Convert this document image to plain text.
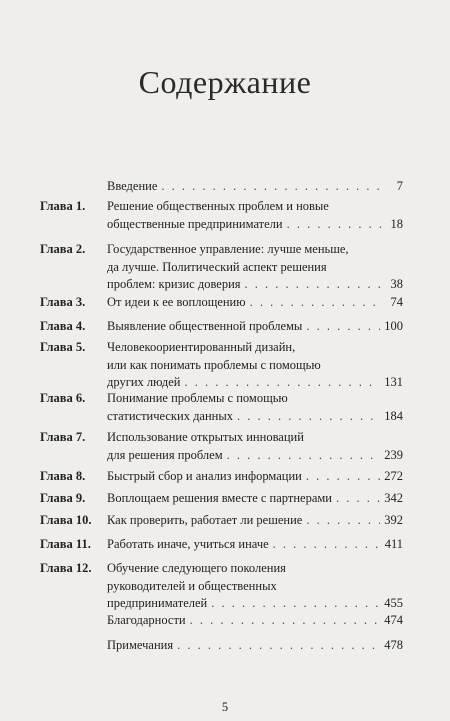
Содержание
Введение . . .	7
Глава 1. Решение общественных проблем и новые
общественные предприниматели . . .	18
Глава 2. Государственное управление: лучше меньше,
да лучше. Политический аспект решения
проблем: кризис доверия . . .	38
Глава 3. От идеи к ее воплощению . . .	74
Глава 4. Выявление общественной проблемы . . .	100
Глава 5. Человекоориентированный дизайн,
или как понимать проблемы с помощью
других людей . . .	131
Глава 6. Понимание проблемы с помощью
статистических данных . . .	184
Глава 7. Использование открытых инноваций
для решения проблем . . .	239
Глава 8. Быстрый сбор и анализ информации . . .	272
Глава 9. Воплощаем решения вместе с партнерами . . .	342
Глава 10. Как проверить, работает ли решение . . .	392
Глава 11. Работать иначе, учиться иначе . . .	411
Глава 12. Обучение следующего поколения
руководителей и общественных
предпринимателей . . .	455
Благодарности . . .	474
Примечания . . .	478
5
